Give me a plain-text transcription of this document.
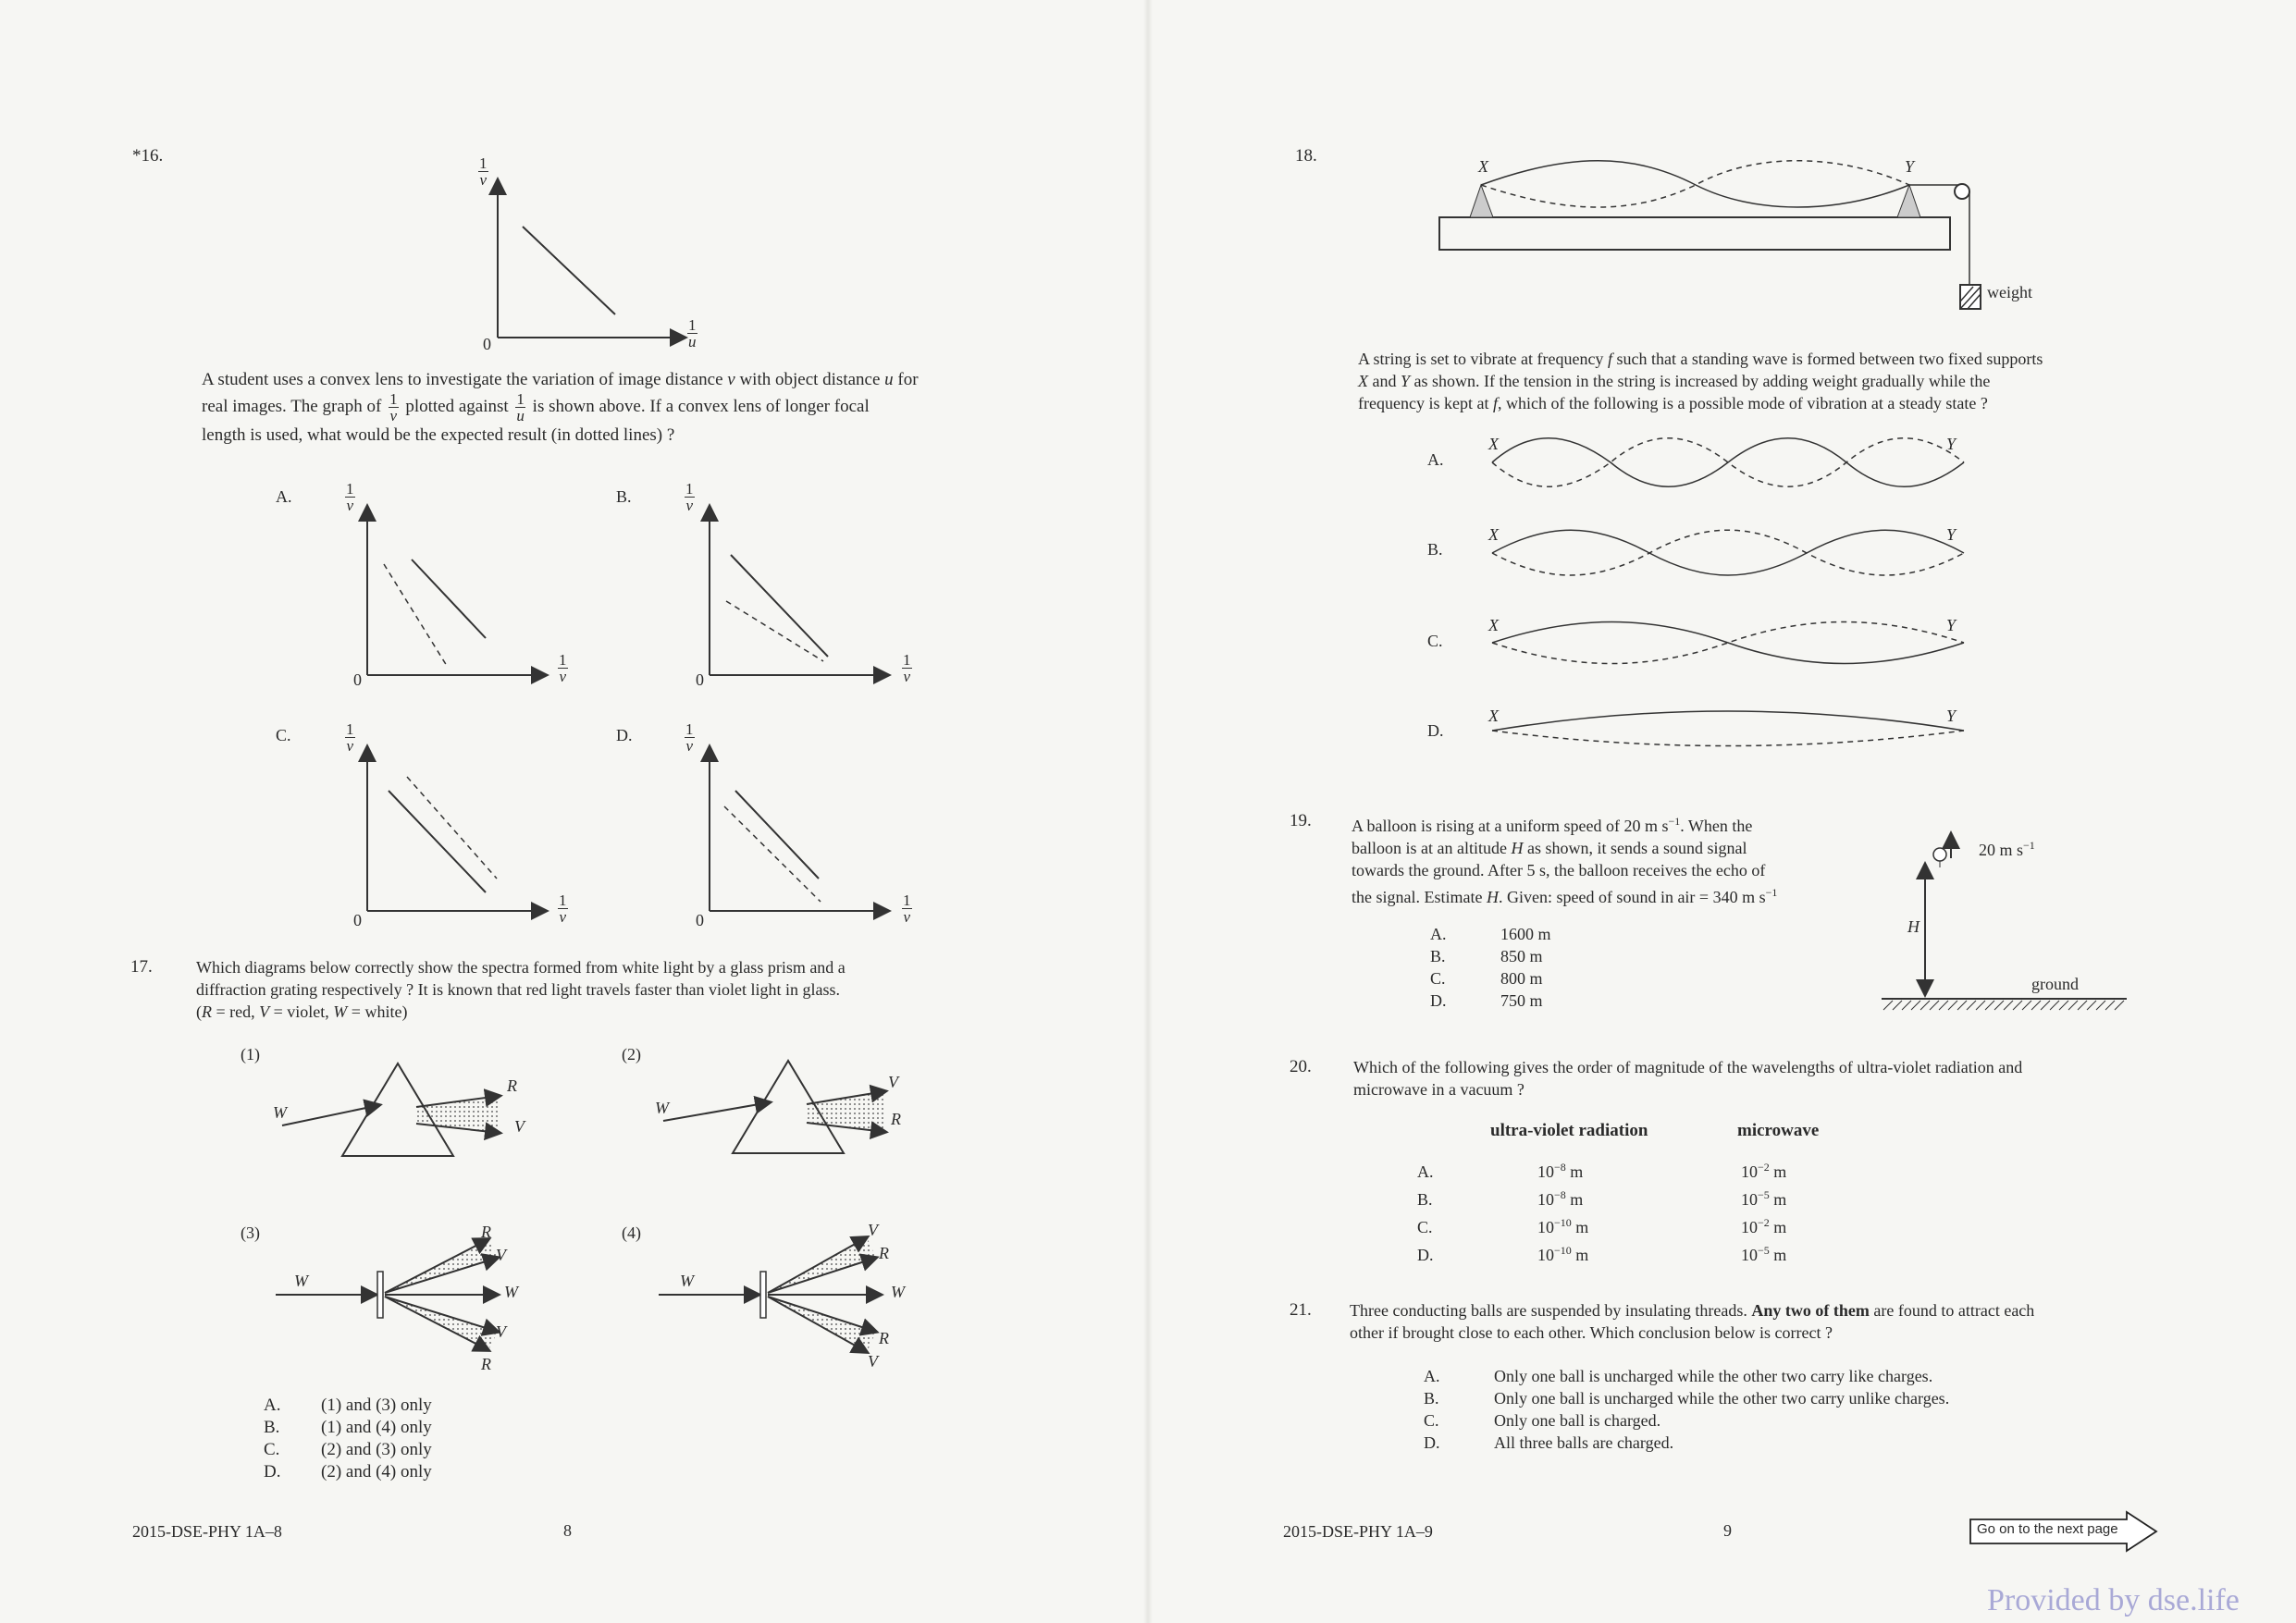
*16.	$\frac{1}{v}$
0	$\frac{1}{u}$
A student uses a convex lens to investigate the variation of image distance v with object distance u for
real images. The graph of $\frac{1}{v}$ plotted against $\frac{1}{u}$ is shown above. If a convex lens of longer focal
length is used, what would be the expected result (in dotted lines) ?
A.	B.
C.	D.
$\frac{1}{v}$
0	$\frac{1}{v}$
$\frac{1}{v}$
0	$\frac{1}{v}$
$\frac{1}{v}$
0	$\frac{1}{v}$
$\frac{1}{v}$
0	$\frac{1}{v}$
17.	Which diagrams below correctly show the spectra formed from white light by a glass prism and a
diffraction grating respectively ? It is known that red light travels faster than violet light in glass.
(R = red, V = violet, W = white)
(1)	(2)
(3)	(4)
W
R
V
W
V
R
W
R
V
W
V
R
W
V
R
W
R
V
A. (1) and (3) only
B. (1) and (4) only
C. (2) and (3) only
D. (2) and (4) only
2015-DSE-PHY 1A–8	8
18.
X	Y
weight
A string is set to vibrate at frequency f such that a standing wave is formed between two fixed supports
X and Y as shown. If the tension in the string is increased by adding weight gradually while the
frequency is kept at f, which of the following is a possible mode of vibration at a steady state ?
A.
B.
C.
D.
X	Y
X	Y
X	Y
X	Y
19. A balloon is rising at a uniform speed of 20 m $s^{-1}$. When the
balloon is at an altitude H as shown, it sends a sound signal
towards the ground. After 5 s, the balloon receives the echo of
the signal. Estimate H. Given: speed of sound in air = 340 m $s^{-1}$
20 m $s^{-1}$
H
ground
A.	1600 m
B.	850 m
C.	800 m
D.	750 m
20.	Which of the following gives the order of magnitude of the wavelengths of ultra-violet radiation and
microwave in a vacuum ?
ultra-violet radiation	microwave
A.	$10^{-8}$ m	$10^{-2}$ m
B.	$10^{-8}$ m	$10^{-5}$ m
C.	$10^{-10}$ m	$10^{-2}$ m
D.	$10^{-10}$ m	$10^{-5}$ m
21. Three conducting balls are suspended by insulating threads. Any two of them are found to attract each
other if brought close to each other. Which conclusion below is correct ?
A.	Only one ball is uncharged while the other two carry like charges.
B.	Only one ball is uncharged while the other two carry unlike charges.
C.	Only one ball is charged.
D.	All three balls are charged.
2015-DSE-PHY 1A–9	9	Go on to the next page
Provided by dse.life
